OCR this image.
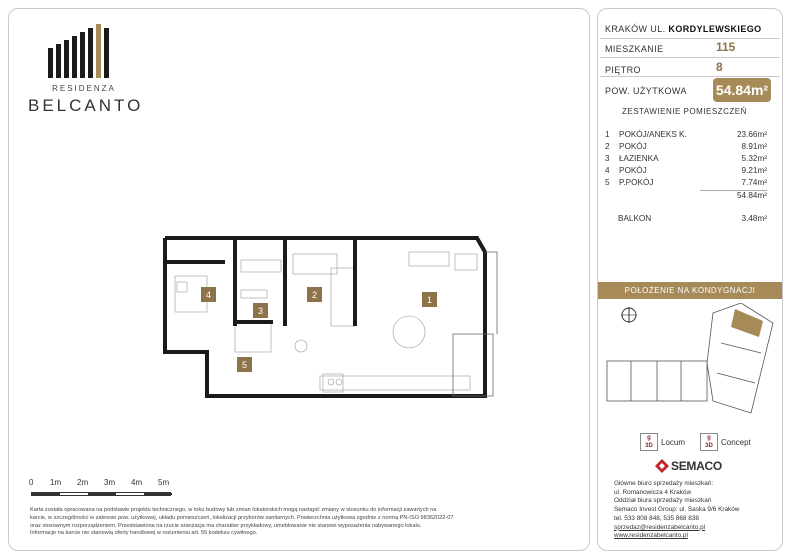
RESIDENZA
BELCANTO
1
2
3
4
5
0 1m 2m 3m 4m 5m
Karta została opracowana na podstawie projektu technicznego, w toku budowy lub zmian lokatorskich mogą nastąpić zmiany w stosunku do informacji zawartych na
karcie, w szczególności w zakresie pow. użytkowej, układu pomieszczeń, lokalizacji przyborów sanitarnych. Powierzchnia użytkowa zgodnie z normą PN-ISO 98362022-07
oraz stosownym rozporządzeniem. Przedstawiona na rzucie aranżacja ma charakter przykładowy, umeblowanie nie stanowi wyposażenia nabywanego lokalu.
Informacje na karcie nie stanowią oferty handlowej w rozumieniu art. 55 kodeksu cywilnego.
KRAKÓW UL. KORDYLEWSKIEGO
MIESZKANIE	115
PIĘTRO	8
POW. UŻYTKOWA 54.84m²
ZESTAWIENIE POMIESZCZEŃ
1 POKÓJ/ANEKS K.	23.66m²
2 POKÓJ	8.91m²
3 ŁAZIENKA	5.32m²
4 POKÓJ	9.21m²
5 P.POKÓJ	7.74m²
54.84m²
BALKON	3.48m²
POŁOŻENIE NA KONDYGNACJI
g
3D	Locum	g
3D	Concept
SEMACO
Główne biuro sprzedaży mieszkań:
ul. Romanowicza 4 Kraków
Oddział biura sprzedaży mieszkań
Semaco Invest Group: ul. Saska 9/6 Kraków
tel. 533 808 848, 535 868 838
sprzedaz@residenzabelcanto.pl
www.residenzabelcanto.pl
